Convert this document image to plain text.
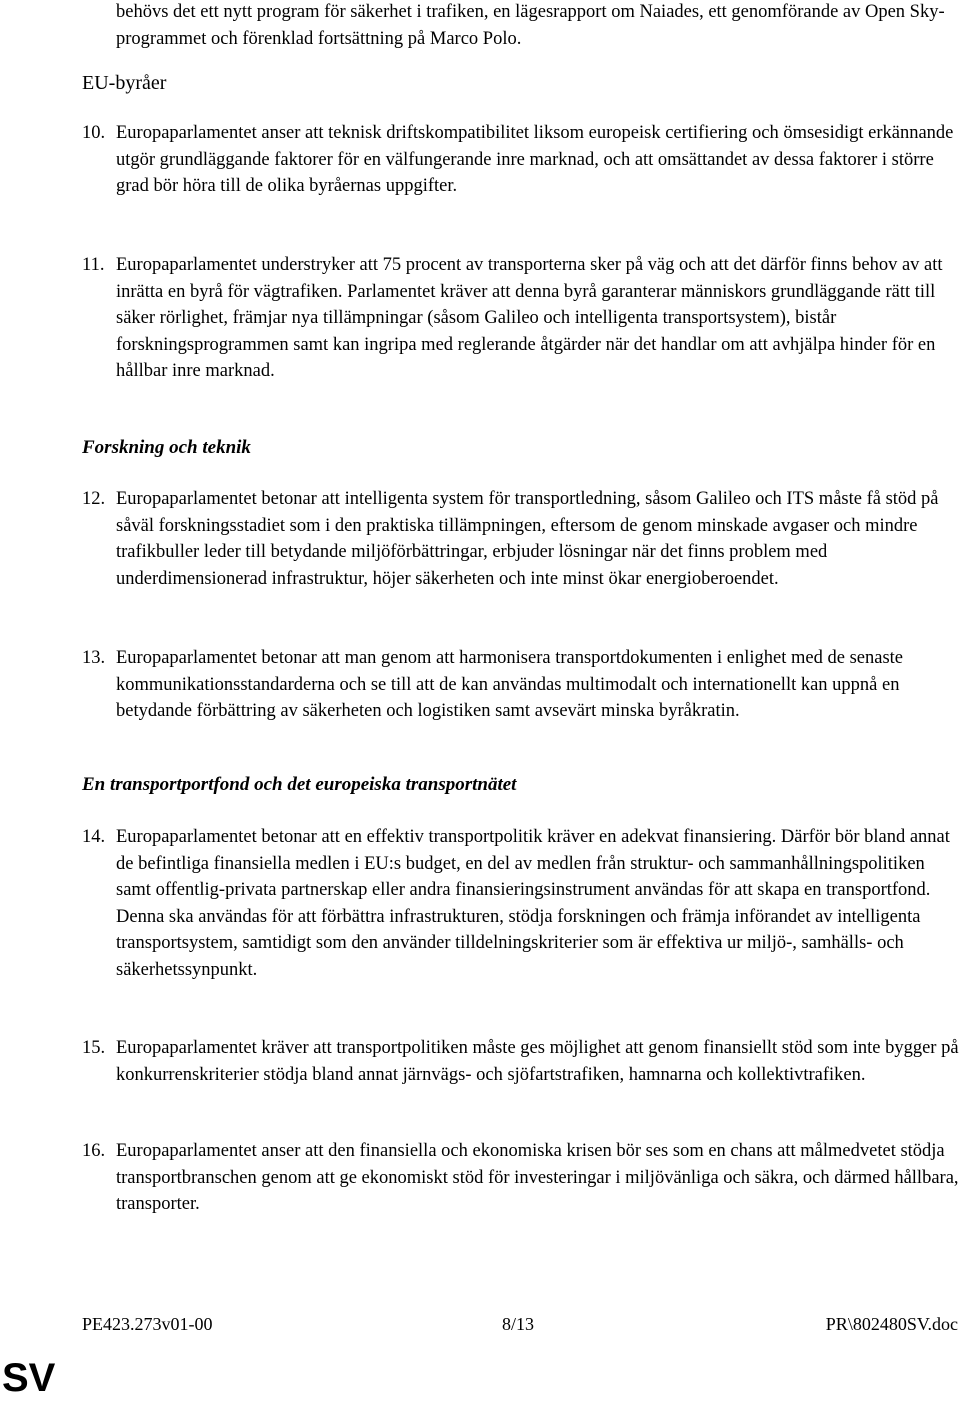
behövs det ett nytt program för säkerhet i trafiken, en lägesrapport om Naiades, ett genomförande av Open Sky-programmet och förenklad fortsättning på Marco Polo.

EU-byråer

10. Europaparlamentet anser att teknisk driftskompatibilitet liksom europeisk certifiering och ömsesidigt erkännande utgör grundläggande faktorer för en välfungerande inre marknad, och att omsättandet av dessa faktorer i större grad bör höra till de olika byråernas uppgifter.
11. Europaparlamentet understryker att 75 procent av transporterna sker på väg och att det därför finns behov av att inrätta en byrå för vägtrafiken. Parlamentet kräver att denna byrå garanterar människors grundläggande rätt till säker rörlighet, främjar nya tillämpningar (såsom Galileo och intelligenta transportsystem), bistår forskningsprogrammen samt kan ingripa med reglerande åtgärder när det handlar om att avhjälpa hinder för en hållbar inre marknad.

Forskning och teknik

12. Europaparlamentet betonar att intelligenta system för transportledning, såsom Galileo och ITS måste få stöd på såväl forskningsstadiet som i den praktiska tillämpningen, eftersom de genom minskade avgaser och mindre trafikbuller leder till betydande miljöförbättringar, erbjuder lösningar när det finns problem med underdimensionerad infrastruktur, höjer säkerheten och inte minst ökar energioberoendet.
13. Europaparlamentet betonar att man genom att harmonisera transportdokumenten i enlighet med de senaste kommunikationsstandarderna och se till att de kan användas multimodalt och internationellt kan uppnå en betydande förbättring av säkerheten och logistiken samt avsevärt minska byråkratin.

En transportportfond och det europeiska transportnätet

14. Europaparlamentet betonar att en effektiv transportpolitik kräver en adekvat finansiering. Därför bör bland annat de befintliga finansiella medlen i EU:s budget, en del av medlen från struktur- och sammanhållningspolitiken samt offentlig-privata partnerskap eller andra finansieringsinstrument användas för att skapa en transportfond. Denna ska användas för att förbättra infrastrukturen, stödja forskningen och främja införandet av intelligenta transportsystem, samtidigt som den använder tilldelningskriterier som är effektiva ur miljö-, samhälls- och säkerhetssynpunkt.
15. Europaparlamentet kräver att transportpolitiken måste ges möjlighet att genom finansiellt stöd som inte bygger på konkurrenskriterier stödja bland annat järnvägs- och sjöfartstrafiken, hamnarna och kollektivtrafiken.
16. Europaparlamentet anser att den finansiella och ekonomiska krisen bör ses som en chans att målmedvetet stödja transportbranschen genom att ge ekonomiskt stöd för investeringar i miljövänliga och säkra, och därmed hållbara, transporter.
PE423.273v01-00	8/13	PR\802480SV.doc
SV
